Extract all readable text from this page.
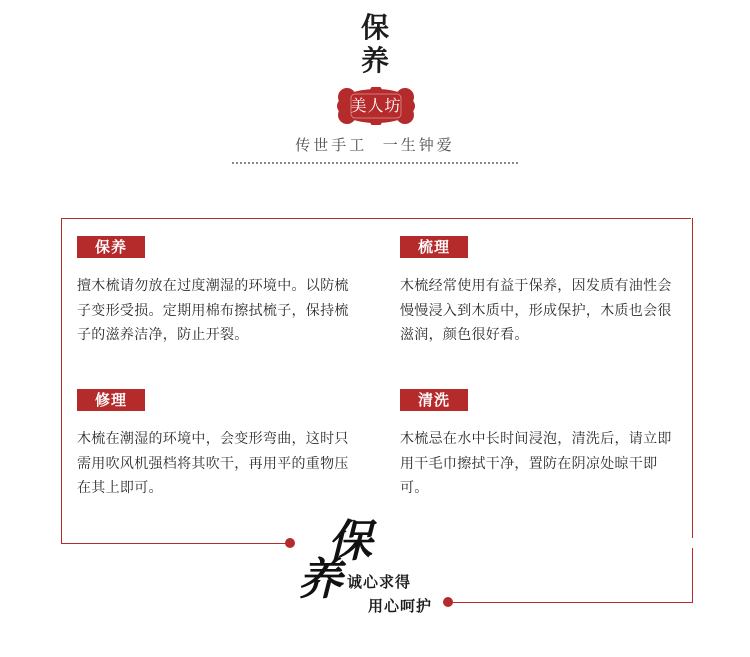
保
养
美人坊
传世手工  一生钟爱
保养
擅木梳请勿放在过度潮湿的环境中。以防梳子变形受损。定期用棉布擦拭梳子，保持梳子的滋养洁净，防止开裂。
梳理
木梳经常使用有益于保养，因发质有油性会慢慢浸入到木质中，形成保护，木质也会很滋润，颜色很好看。
修理
木梳在潮湿的环境中，会变形弯曲，这时只需用吹风机强档将其吹干，再用平的重物压在其上即可。
清洗
木梳忌在水中长时间浸泡，清洗后，请立即用干毛巾擦拭干净，置防在阴凉处晾干即可。
保
养 诚心求得
用心呵护
